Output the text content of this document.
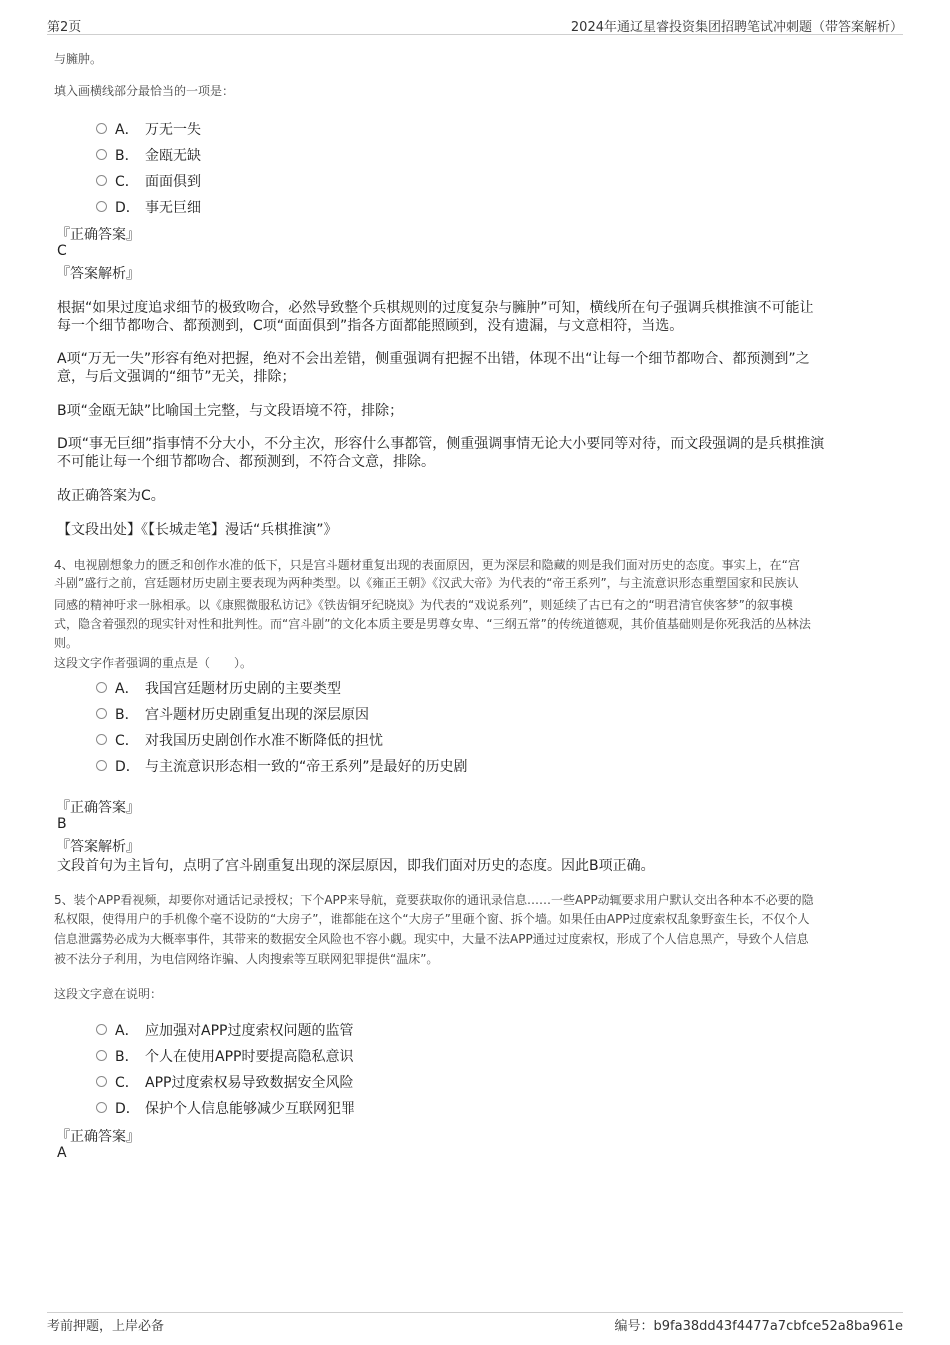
第2页	2024年通辽星睿投资集团招聘笔试冲刺题（带答案解析）
与臃肿。
填入画横线部分最恰当的一项是：
A． 万无一失
B． 金瓯无缺
C． 面面俱到
D． 事无巨细
『正确答案』
C
『答案解析』
根据“如果过度追求细节的极致吻合，必然导致整个兵棋规则的过度复杂与臃肿”可知，横线所在句子强调兵棋推演不可能让
每一个细节都吻合、都预测到，C项“面面俱到”指各方面都能照顾到，没有遗漏，与文意相符，当选。
A项“万无一失”形容有绝对把握，绝对不会出差错，侧重强调有把握不出错，体现不出“让每一个细节都吻合、都预测到”之
意，与后文强调的“细节”无关，排除；
B项“金瓯无缺”比喻国土完整，与文段语境不符，排除；
D项“事无巨细”指事情不分大小，不分主次，形容什么事都管，侧重强调事情无论大小要同等对待，而文段强调的是兵棋推演
不可能让每一个细节都吻合、都预测到，不符合文意，排除。
故正确答案为C。
【文段出处】《【长城走笔】漫话“兵棋推演”》
4、电视剧想象力的匮乏和创作水准的低下，只是宫斗题材重复出现的表面原因，更为深层和隐藏的则是我们面对历史的态度。事实上，在“宫
斗剧”盛行之前，宫廷题材历史剧主要表现为两种类型。以《雍正王朝》《汉武大帝》为代表的“帝王系列”，与主流意识形态重塑国家和民族认
同感的精神吁求一脉相承。以《康熙微服私访记》《铁齿铜牙纪晓岚》为代表的“戏说系列”，则延续了古已有之的“明君清官侠客梦”的叙事模
式，隐含着强烈的现实针对性和批判性。而“宫斗剧”的文化本质主要是男尊女卑、“三纲五常”的传统道德观，其价值基础则是你死我活的丛林法
则。
这段文字作者强调的重点是（　　）。
A． 我国宫廷题材历史剧的主要类型
B． 宫斗题材历史剧重复出现的深层原因
C． 对我国历史剧创作水准不断降低的担忧
D． 与主流意识形态相一致的“帝王系列”是最好的历史剧
『正确答案』
B
『答案解析』
文段首句为主旨句，点明了宫斗剧重复出现的深层原因，即我们面对历史的态度。因此B项正确。
5、装个APP看视频，却要你对通话记录授权；下个APP来导航，竟要获取你的通讯录信息……一些APP动辄要求用户默认交出各种本不必要的隐
私权限，使得用户的手机像个毫不设防的“大房子”，谁都能在这个“大房子”里砸个窗、拆个墙。如果任由APP过度索权乱象野蛮生长，不仅个人
信息泄露势必成为大概率事件，其带来的数据安全风险也不容小觑。现实中，大量不法APP通过过度索权，形成了个人信息黑产，导致个人信息
被不法分子利用，为电信网络诈骗、人肉搜索等互联网犯罪提供“温床”。
这段文字意在说明：
A． 应加强对APP过度索权问题的监管
B． 个人在使用APP时要提高隐私意识
C． APP过度索权易导致数据安全风险
D． 保护个人信息能够减少互联网犯罪
『正确答案』
A
考前押题，上岸必备	编号：b9fa38dd43f4477a7cbfce52a8ba961e
